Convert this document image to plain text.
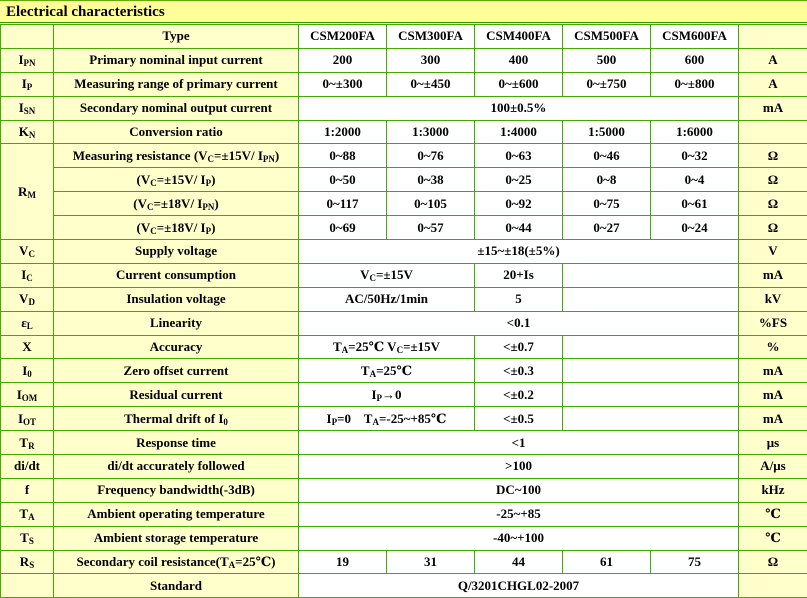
Electrical characteristics
	Type	CSM200FA	CSM300FA	CSM400FA	CSM500FA	CSM600FA	
$I_{PN}$	Primary nominal input current	200	300	400	500	600	A
$I_P$	Measuring range of primary current	0~±300	0~±450	0~±600	0~±750	0~±800	A
$I_{SN}$	Secondary nominal output current	100±0.5%					mA
$K_N$	Conversion ratio	1:2000	1:3000	1:4000	1:5000	1:6000	
$R_M$	Measuring resistance ($V_C=\pm 15V/$ $I_{PN}$)	0~88	0~76	0~63	0~46	0~32	Ω
	($V_C=\pm 15V/$ $I_P$)	0~50	0~38	0~25	0~8	0~4	Ω
	($V_C=\pm 18V/$ $I_{PN}$)	0~117	0~105	0~92	0~75	0~61	Ω
	($V_C=\pm 18V/$ $I_P$)	0~69	0~57	0~44	0~27	0~24	Ω
$V_C$	Supply voltage	±15~±18(±5%)					V
$I_C$	Current consumption	$V_C=\pm 15V$		20+Is			mA
$V_D$	Insulation voltage	AC/50Hz/1min		5			kV
$\varepsilon_L$	Linearity	<0.1					%FS
X	Accuracy	$T_A=25℃$ $V_C=\pm 15V$		<±0.7			%
$I_0$	Zero offset current	$T_A=25℃$		<±0.3			mA
$I_{OM}$	Residual current	$I_P\to 0$		<±0.2			mA
$I_{OT}$	Thermal drift of $I_0$	$I_P=0$    $T_A=-25\sim+85℃$		<±0.5			mA
$T_R$	Response time	<1					μs
di/dt	di/dt accurately followed	>100					A/μs
f	Frequency bandwidth(-3dB)	DC~100					kHz
$T_A$	Ambient operating temperature	-25~+85					℃
$T_S$	Ambient storage temperature	-40~+100					℃
$R_S$	Secondary coil $resistance(T_A=25℃)$	19	31	44	61	75	Ω
	Standard	Q/3201CHGL02-2007					
